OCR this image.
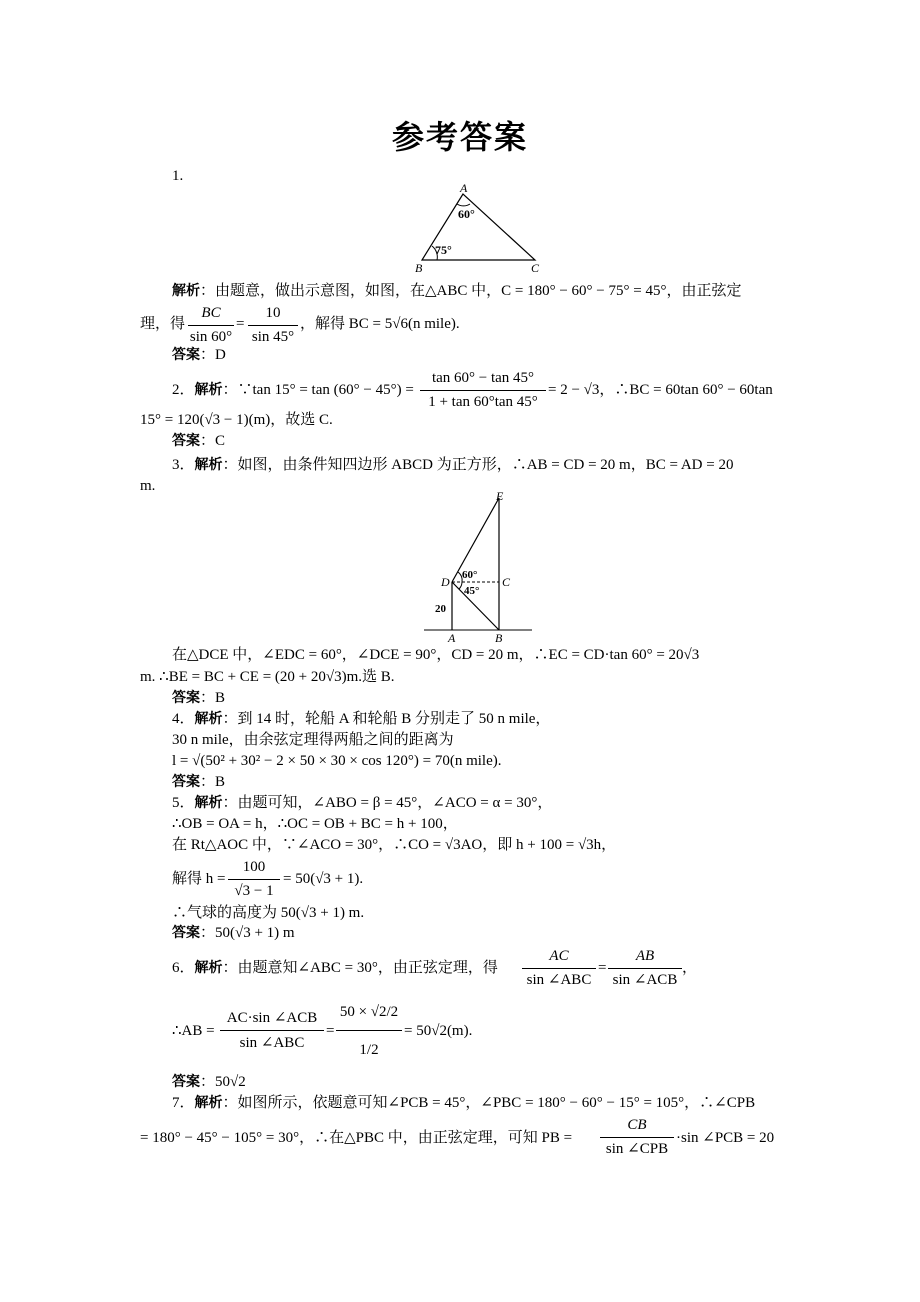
参考答案
1.
A
60°
75°
B	C
解析：由题意，做出示意图，如图，在△ABC 中，C = 180° − 60° − 75° = 45°，由正弦定
理，得
BC
sin 60°
=
10
sin 45°
，解得 BC = 5√6(n mile).
答案：D
2．解析：∵tan 15° = tan (60° − 45°) =
tan 60° − tan 45°
1 + tan 60°tan 45°
= 2 − √3，∴BC = 60tan 60° − 60tan
15° = 120(√3 − 1)(m)，故选 C.
答案：C
3．解析：如图，由条件知四边形 ABCD 为正方形，∴AB = CD = 20 m，BC = AD = 20
m.
E
D	C
60°
45°
20
A	B
在△DCE 中，∠EDC = 60°，∠DCE = 90°，CD = 20 m，∴EC = CD·tan 60° = 20√3
m. ∴BE = BC + CE = (20 + 20√3)m.选 B.
答案：B
4．解析：到 14 时，轮船 A 和轮船 B 分别走了 50 n mile，
30 n mile，由余弦定理得两船之间的距离为
l = √(50² + 30² − 2 × 50 × 30 × cos 120°) = 70(n mile).
答案：B
5．解析：由题可知，∠ABO = β = 45°，∠ACO = α = 30°，
∴OB = OA = h，∴OC = OB + BC = h + 100，
在 Rt△AOC 中，∵∠ACO = 30°，∴CO = √3AO，即 h + 100 = √3h，
解得 h =
100
√3 − 1
= 50(√3 + 1).
∴气球的高度为 50(√3 + 1) m.
答案：50(√3 + 1) m
6．解析：由题意知∠ABC = 30°，由正弦定理，得
AC
sin ∠ABC
=
AB
sin ∠ACB
，
∴AB =
AC·sin ∠ACB
sin ∠ABC
=
50 × √2/2
1/2
= 50√2(m).
答案：50√2
7．解析：如图所示，依题意可知∠PCB = 45°，∠PBC = 180° − 60° − 15° = 105°，∴∠CPB
= 180° − 45° − 105° = 30°，∴在△PBC 中，由正弦定理，可知 PB =
CB
sin ∠CPB
·sin ∠PCB = 20
